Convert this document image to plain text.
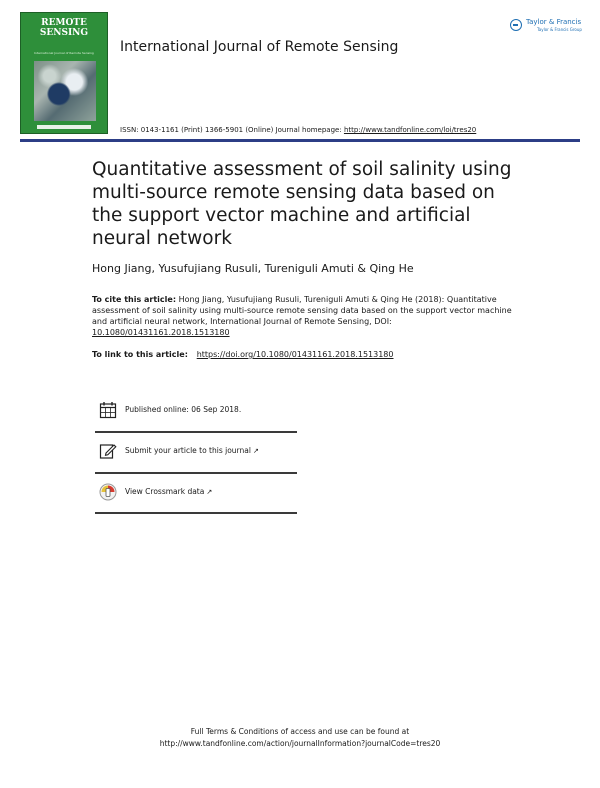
REMOTE
SENSING
International Journal of Remote Sensing	International Journal of Remote Sensing
Taylor & Francis
Taylor & Francis Group
ISSN: 0143-1161 (Print) 1366-5901 (Online) Journal homepage: http://www.tandfonline.com/loi/tres20
Quantitative assessment of soil salinity using multi-source remote sensing data based on the support vector machine and artificial neural network
Hong Jiang, Yusufujiang Rusuli, Tureniguli Amuti & Qing He
To cite this article: Hong Jiang, Yusufujiang Rusuli, Tureniguli Amuti & Qing He (2018): Quantitative assessment of soil salinity using multi-source remote sensing data based on the support vector machine and artificial neural network, International Journal of Remote Sensing, DOI: 10.1080/01431161.2018.1513180
To link to this article: https://doi.org/10.1080/01431161.2018.1513180
Published online: 06 Sep 2018.
Submit your article to this journal ↗
View Crossmark data ↗
Full Terms & Conditions of access and use can be found at
http://www.tandfonline.com/action/journalInformation?journalCode=tres20
